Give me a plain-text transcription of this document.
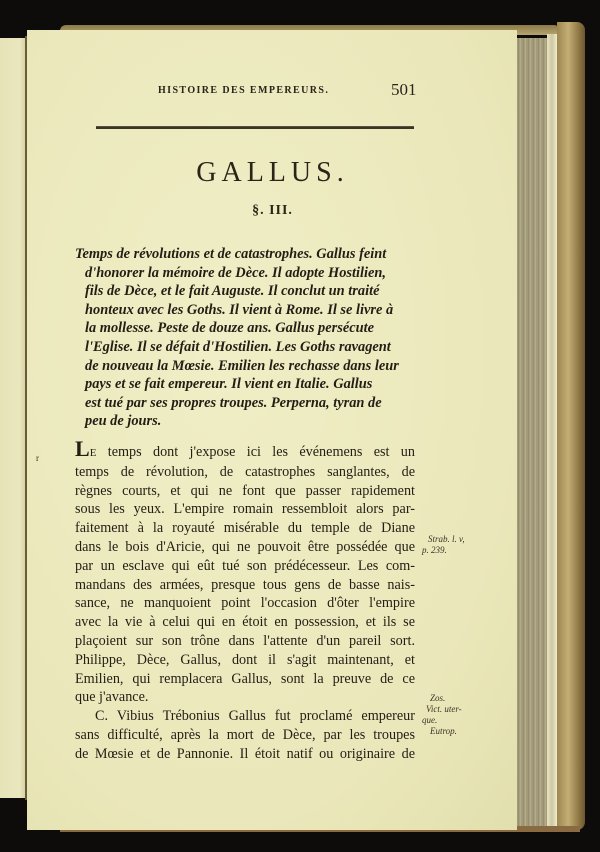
HISTOIRE DES EMPEREURS.	501
GALLUS.
§. III.
Temps de révolutions et de catastrophes. Gallus feint
d'honorer la mémoire de Dèce. Il adopte Hostilien,
fils de Dèce, et le fait Auguste. Il conclut un traité
honteux avec les Goths. Il vient à Rome. Il se livre à
la mollesse. Peste de douze ans. Gallus persécute
l'Eglise. Il se défait d'Hostilien. Les Goths ravagent
de nouveau la Mœsie. Emilien les rechasse dans leur
pays et se fait empereur. Il vient en Italie. Gallus
est tué par ses propres troupes. Perperna, tyran de
peu de jours.
r LE temps dont j'expose ici les événemens est un
temps de révolution, de catastrophes sanglantes, de
règnes courts, et qui ne font que passer rapidement
sous les yeux. L'empire romain ressembloit alors par-
faitement à la royauté misérable du temple de Diane
dans le bois d'Aricie, qui ne pouvoit être possédée que
par un esclave qui eût tué son prédécesseur. Les com-
mandans des armées, presque tous gens de basse nais-
sance, ne manquoient point l'occasion d'ôter l'empire
avec la vie à celui qui en étoit en possession, et ils se
plaçoient sur son trône dans l'attente d'un pareil sort.
Philippe, Dèce, Gallus, dont il s'agit maintenant, et
Emilien, qui remplacera Gallus, sont la preuve de ce
que j'avance.
C. Vibius Trébonius Gallus fut proclamé empereur
sans difficulté, après la mort de Dèce, par les troupes
de Mœsie et de Pannonie. Il étoit natif ou originaire de
Strab. l. v,
p. 239.
Zos.
Vict. uter-
que.
Eutrop.
